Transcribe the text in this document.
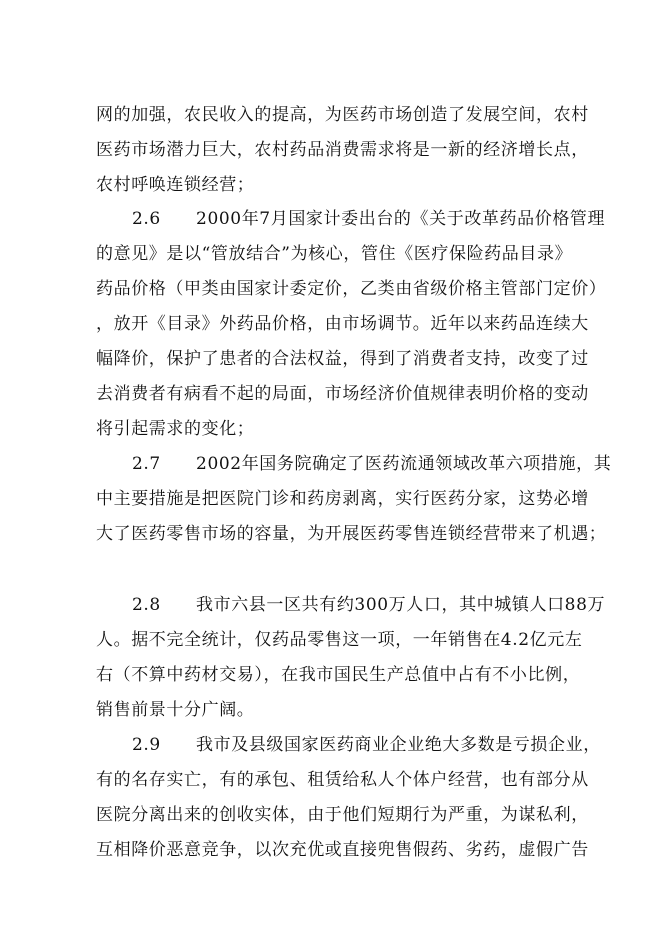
网的加强，农民收入的提高，为医药市场创造了发展空间，农村
医药市场潜力巨大，农村药品消费需求将是一新的经济增长点，
农村呼唤连锁经营；
2.6　　2000年7月国家计委出台的《关于改革药品价格管理
的意见》是以“管放结合”为核心，管住《医疗保险药品目录》
药品价格（甲类由国家计委定价，乙类由省级价格主管部门定价）
，放开《目录》外药品价格，由市场调节。近年以来药品连续大
幅降价，保护了患者的合法权益，得到了消费者支持，改变了过
去消费者有病看不起的局面，市场经济价值规律表明价格的变动
将引起需求的变化；
2.7　　2002年国务院确定了医药流通领域改革六项措施，其
中主要措施是把医院门诊和药房剥离，实行医药分家，这势必增
大了医药零售市场的容量，为开展医药零售连锁经营带来了机遇；
2.8　　我市六县一区共有约300万人口，其中城镇人口88万
人。据不完全统计，仅药品零售这一项，一年销售在4.2亿元左
右（不算中药材交易），在我市国民生产总值中占有不小比例，
销售前景十分广阔。
2.9　　我市及县级国家医药商业企业绝大多数是亏损企业，
有的名存实亡，有的承包、租赁给私人个体户经营，也有部分从
医院分离出来的创收实体，由于他们短期行为严重，为谋私利，
互相降价恶意竞争，以次充优或直接兜售假药、劣药，虚假广告
